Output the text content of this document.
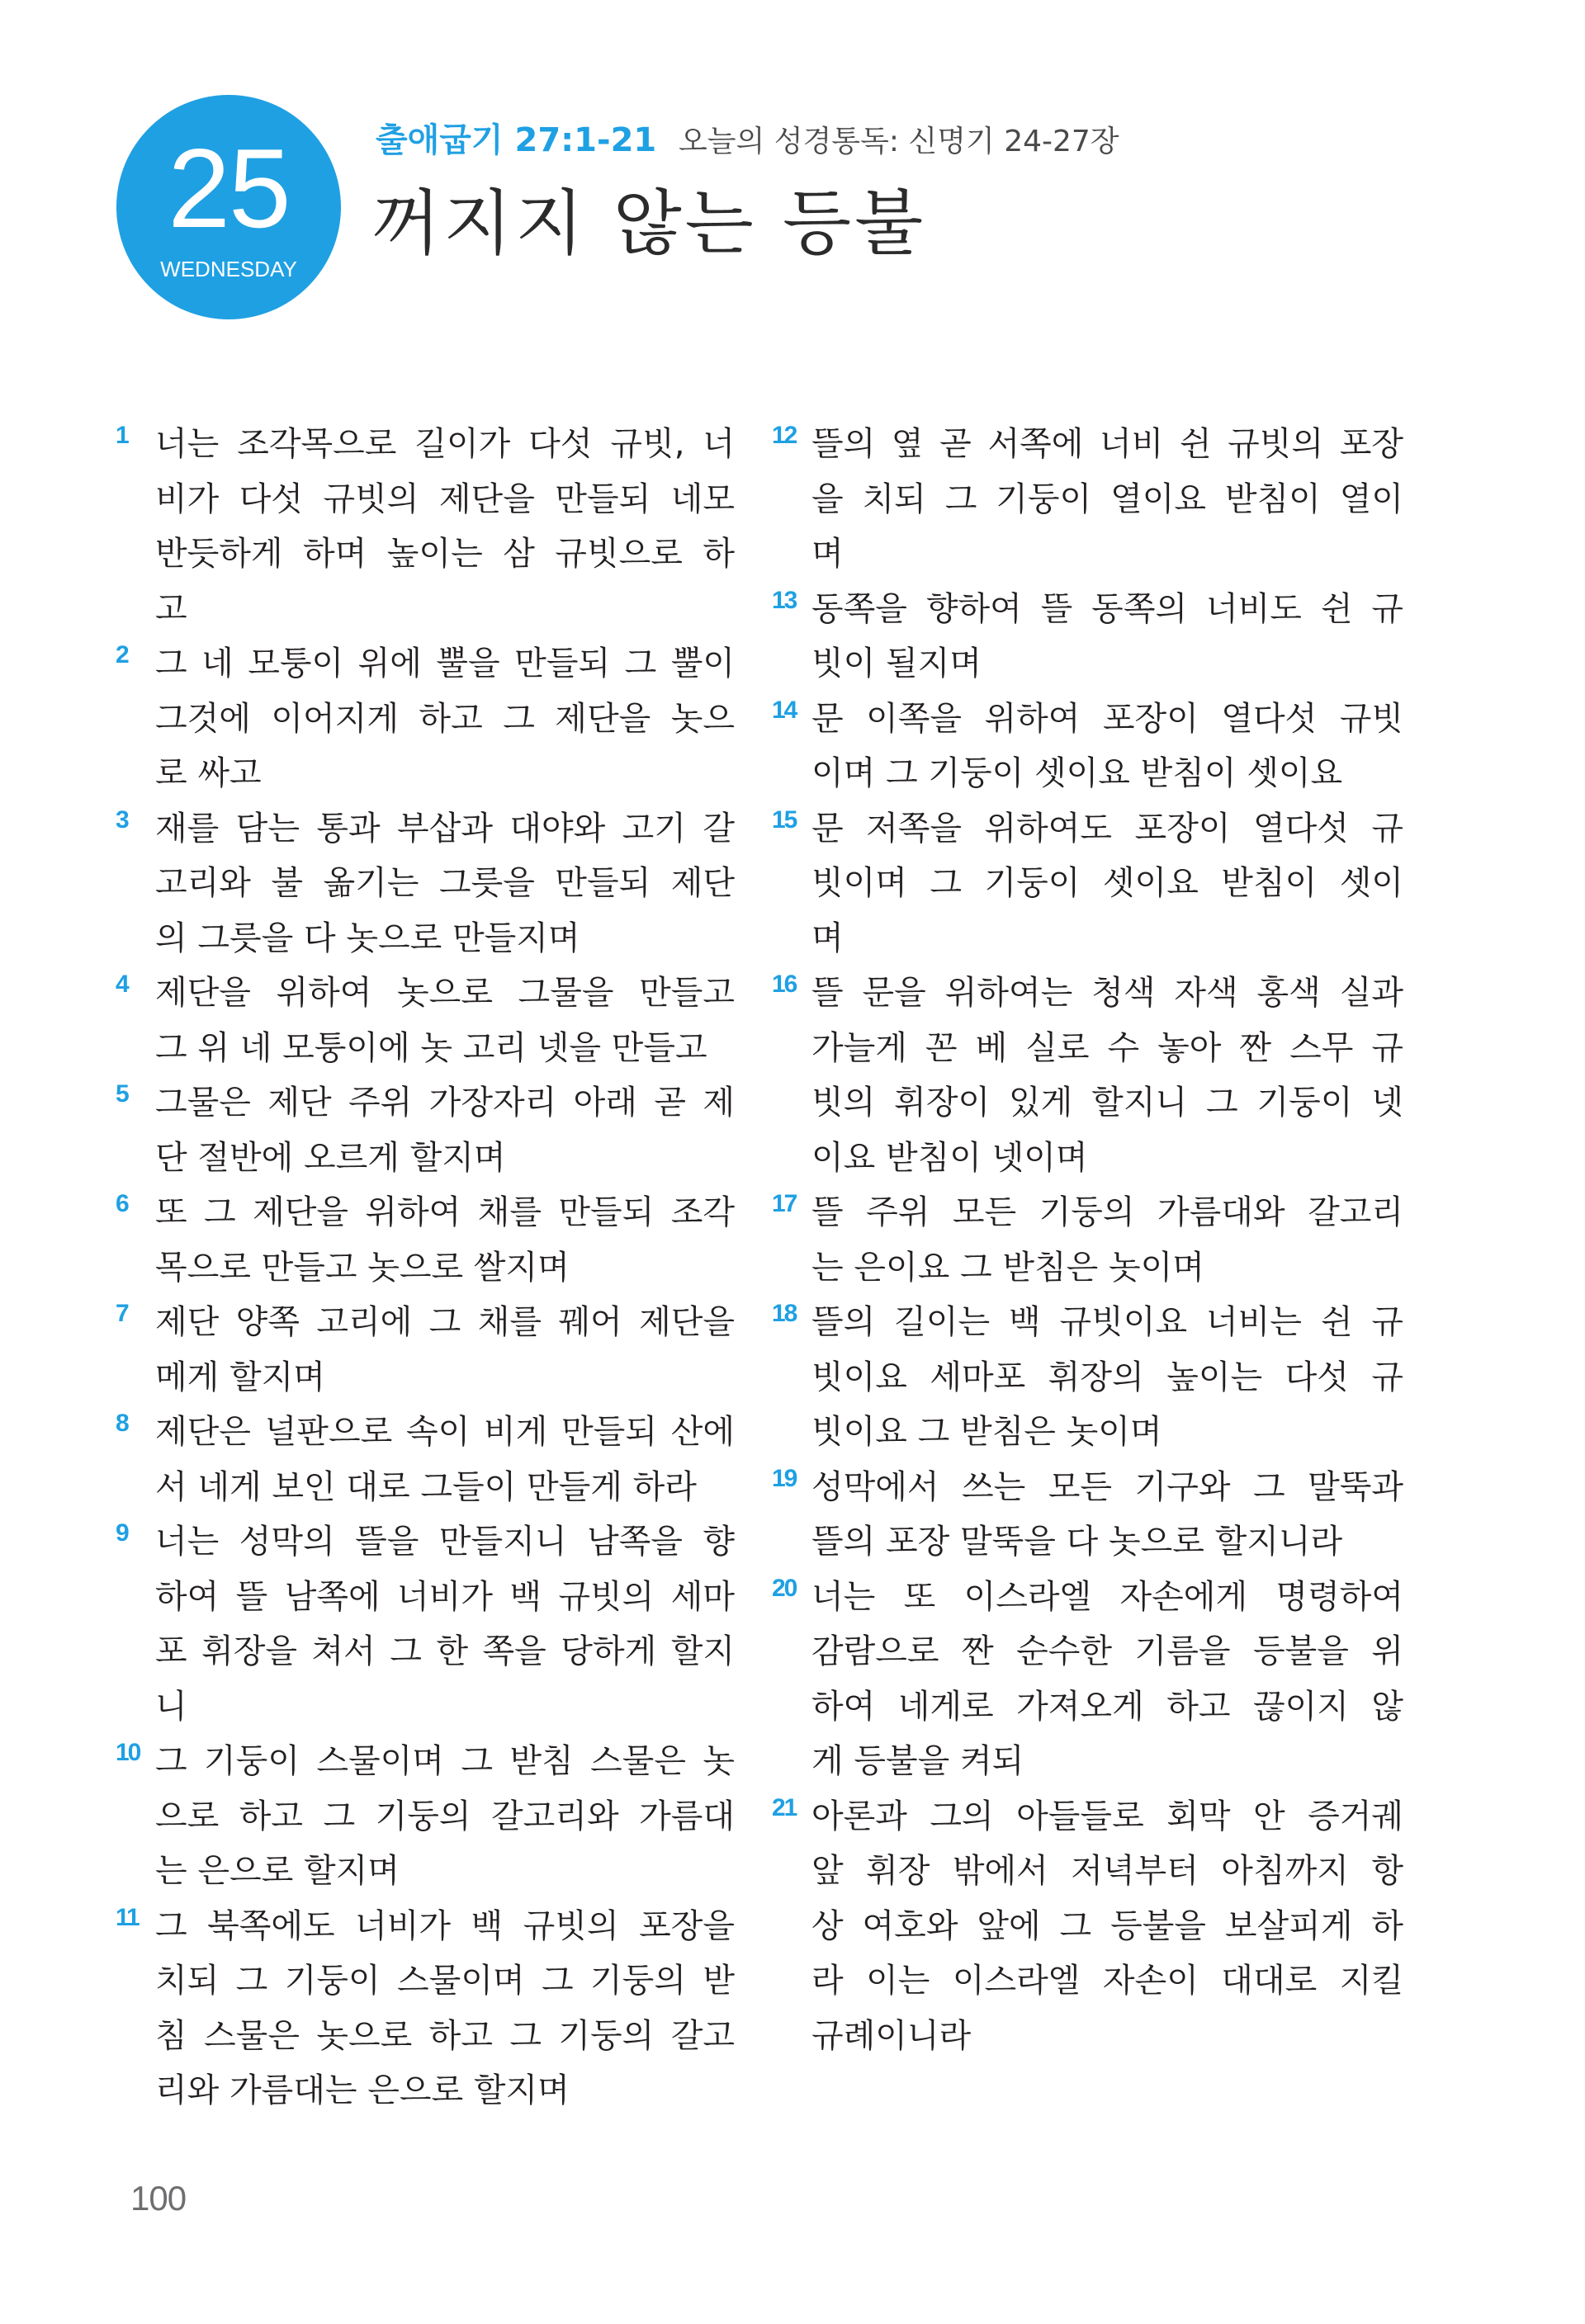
25
WEDNESDAY
출애굽기 27:1-21 오늘의 성경통독: 신명기 24-27장
꺼지지 않는 등불
1 너는 조각목으로 길이가 다섯 규빗, 너
비가 다섯 규빗의 제단을 만들되 네모
반듯하게 하며 높이는 삼 규빗으로 하
고
2 그 네 모퉁이 위에 뿔을 만들되 그 뿔이
그것에 이어지게 하고 그 제단을 놋으
로 싸고
3 재를 담는 통과 부삽과 대야와 고기 갈
고리와 불 옮기는 그릇을 만들되 제단
의 그릇을 다 놋으로 만들지며
4 제단을 위하여 놋으로 그물을 만들고
그 위 네 모퉁이에 놋 고리 넷을 만들고
5 그물은 제단 주위 가장자리 아래 곧 제
단 절반에 오르게 할지며
6 또 그 제단을 위하여 채를 만들되 조각
목으로 만들고 놋으로 쌀지며
7 제단 양쪽 고리에 그 채를 꿰어 제단을
메게 할지며
8 제단은 널판으로 속이 비게 만들되 산에
서 네게 보인 대로 그들이 만들게 하라
9 너는 성막의 뜰을 만들지니 남쪽을 향
하여 뜰 남쪽에 너비가 백 규빗의 세마
포 휘장을 쳐서 그 한 쪽을 당하게 할지
니
10 그 기둥이 스물이며 그 받침 스물은 놋
으로 하고 그 기둥의 갈고리와 가름대
는 은으로 할지며
11 그 북쪽에도 너비가 백 규빗의 포장을
치되 그 기둥이 스물이며 그 기둥의 받
침 스물은 놋으로 하고 그 기둥의 갈고
리와 가름대는 은으로 할지며
12 뜰의 옆 곧 서쪽에 너비 쉰 규빗의 포장
을 치되 그 기둥이 열이요 받침이 열이
며
13 동쪽을 향하여 뜰 동쪽의 너비도 쉰 규
빗이 될지며
14 문 이쪽을 위하여 포장이 열다섯 규빗
이며 그 기둥이 셋이요 받침이 셋이요
15 문 저쪽을 위하여도 포장이 열다섯 규
빗이며 그 기둥이 셋이요 받침이 셋이
며
16 뜰 문을 위하여는 청색 자색 홍색 실과
가늘게 꼰 베 실로 수 놓아 짠 스무 규
빗의 휘장이 있게 할지니 그 기둥이 넷
이요 받침이 넷이며
17 뜰 주위 모든 기둥의 가름대와 갈고리
는 은이요 그 받침은 놋이며
18 뜰의 길이는 백 규빗이요 너비는 쉰 규
빗이요 세마포 휘장의 높이는 다섯 규
빗이요 그 받침은 놋이며
19 성막에서 쓰는 모든 기구와 그 말뚝과
뜰의 포장 말뚝을 다 놋으로 할지니라
20 너는 또 이스라엘 자손에게 명령하여
감람으로 짠 순수한 기름을 등불을 위
하여 네게로 가져오게 하고 끊이지 않
게 등불을 켜되
21 아론과 그의 아들들로 회막 안 증거궤
앞 휘장 밖에서 저녁부터 아침까지 항
상 여호와 앞에 그 등불을 보살피게 하
라 이는 이스라엘 자손이 대대로 지킬
규례이니라
100
